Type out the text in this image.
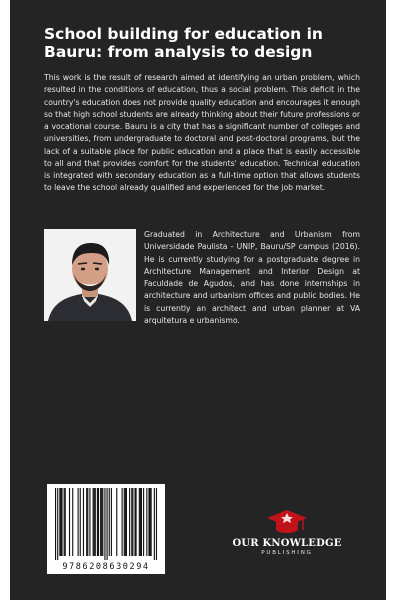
School building for education in Bauru: from analysis to design

This work is the result of research aimed at identifying an urban problem, which resulted in the conditions of education, thus a social problem. This deficit in the country's education does not provide quality education and encourages it enough so that high school students are already thinking about their future professions or a vocational course. Bauru is a city that has a significant number of colleges and universities, from undergraduate to doctoral and post-doctoral programs, but the lack of a suitable place for public education and a place that is easily accessible to all and that provides comfort for the students' education. Technical education is integrated with secondary education as a full-time option that allows students to leave the school already qualified and experienced for the job market.

Graduated in Architecture and Urbanism from Universidade Paulista - UNIP, Bauru/SP campus (2016). He is currently studying for a postgraduate degree in Architecture Management and Interior Design at Faculdade de Agudos, and has done internships in architecture and urbanism offices and public bodies. He is currently an architect and urban planner at VA arquitetura e urbanismo.

9786208630294
OUR KNOWLEDGE
PUBLISHING
